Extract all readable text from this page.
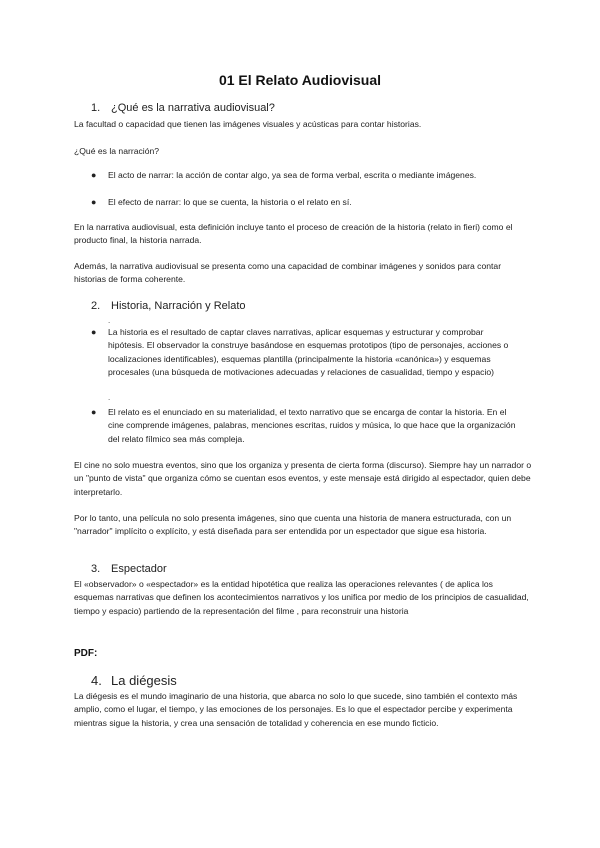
01 El Relato Audiovisual
1. ¿Qué es la narrativa audiovisual?
La facultad o capacidad que tienen las imágenes visuales y acústicas para contar historias.
¿Qué es la narración?
● El acto de narrar: la acción de contar algo, ya sea de forma verbal, escrita o mediante imágenes.
● El efecto de narrar: lo que se cuenta, la historia o el relato en sí.
En la narrativa audiovisual, esta definición incluye tanto el proceso de creación de la historia (relato in fieri) como el producto final, la historia narrada.
Además, la narrativa audiovisual se presenta como una capacidad de combinar imágenes y sonidos para contar historias de forma coherente.
2. Historia, Narración y Relato
.
● La historia es el resultado de captar claves narrativas, aplicar esquemas y estructurar y comprobar hipótesis. El observador la construye basándose en esquemas prototipos (tipo de personajes, acciones o localizaciones identificables), esquemas plantilla (principalmente la historia «canónica») y esquemas procesales (una búsqueda de motivaciones adecuadas y relaciones de casualidad, tiempo y espacio)
.
● El relato es el enunciado en su materialidad, el texto narrativo que se encarga de contar la historia. En el cine comprende imágenes, palabras, menciones escritas, ruidos y música, lo que hace que la organización del relato fílmico sea más compleja.
El cine no solo muestra eventos, sino que los organiza y presenta de cierta forma (discurso). Siempre hay un narrador o un "punto de vista" que organiza cómo se cuentan esos eventos, y este mensaje está dirigido al espectador, quien debe interpretarlo.
Por lo tanto, una película no solo presenta imágenes, sino que cuenta una historia de manera estructurada, con un "narrador" implícito o explícito, y está diseñada para ser entendida por un espectador que sigue esa historia.
3. Espectador
El «observador» o «espectador» es la entidad hipotética que realiza las operaciones relevantes ( de aplica los esquemas narrativas que definen los acontecimientos narrativos y los unifica por medio de los principios de casualidad, tiempo y espacio) partiendo de la representación del filme , para reconstruir una historia
PDF:
4. La diégesis
La diégesis es el mundo imaginario de una historia, que abarca no solo lo que sucede, sino también el contexto más amplio, como el lugar, el tiempo, y las emociones de los personajes. Es lo que el espectador percibe y experimenta mientras sigue la historia, y crea una sensación de totalidad y coherencia en ese mundo ficticio.
